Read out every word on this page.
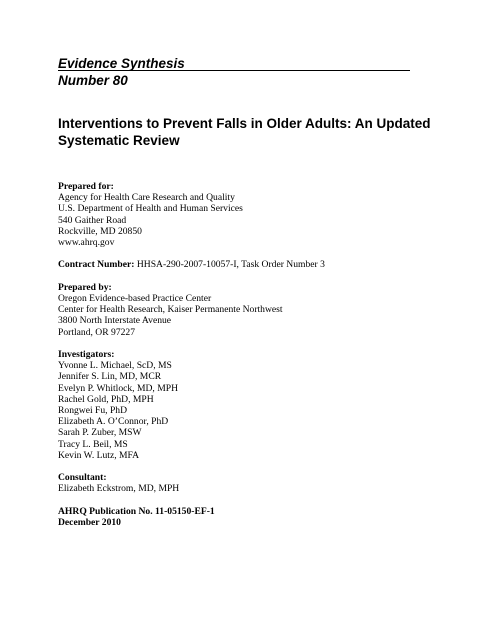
Evidence Synthesis
Number 80
Interventions to Prevent Falls in Older Adults: An Updated
Systematic Review
Prepared for:
Agency for Health Care Research and Quality
U.S. Department of Health and Human Services
540 Gaither Road
Rockville, MD 20850
www.ahrq.gov
Contract Number: HHSA-290-2007-10057-I, Task Order Number 3
Prepared by:
Oregon Evidence-based Practice Center
Center for Health Research, Kaiser Permanente Northwest
3800 North Interstate Avenue
Portland, OR 97227
Investigators:
Yvonne L. Michael, ScD, MS
Jennifer S. Lin, MD, MCR
Evelyn P. Whitlock, MD, MPH
Rachel Gold, PhD, MPH
Rongwei Fu, PhD
Elizabeth A. O’Connor, PhD
Sarah P. Zuber, MSW
Tracy L. Beil, MS
Kevin W. Lutz, MFA
Consultant:
Elizabeth Eckstrom, MD, MPH
AHRQ Publication No. 11-05150-EF-1
December 2010
